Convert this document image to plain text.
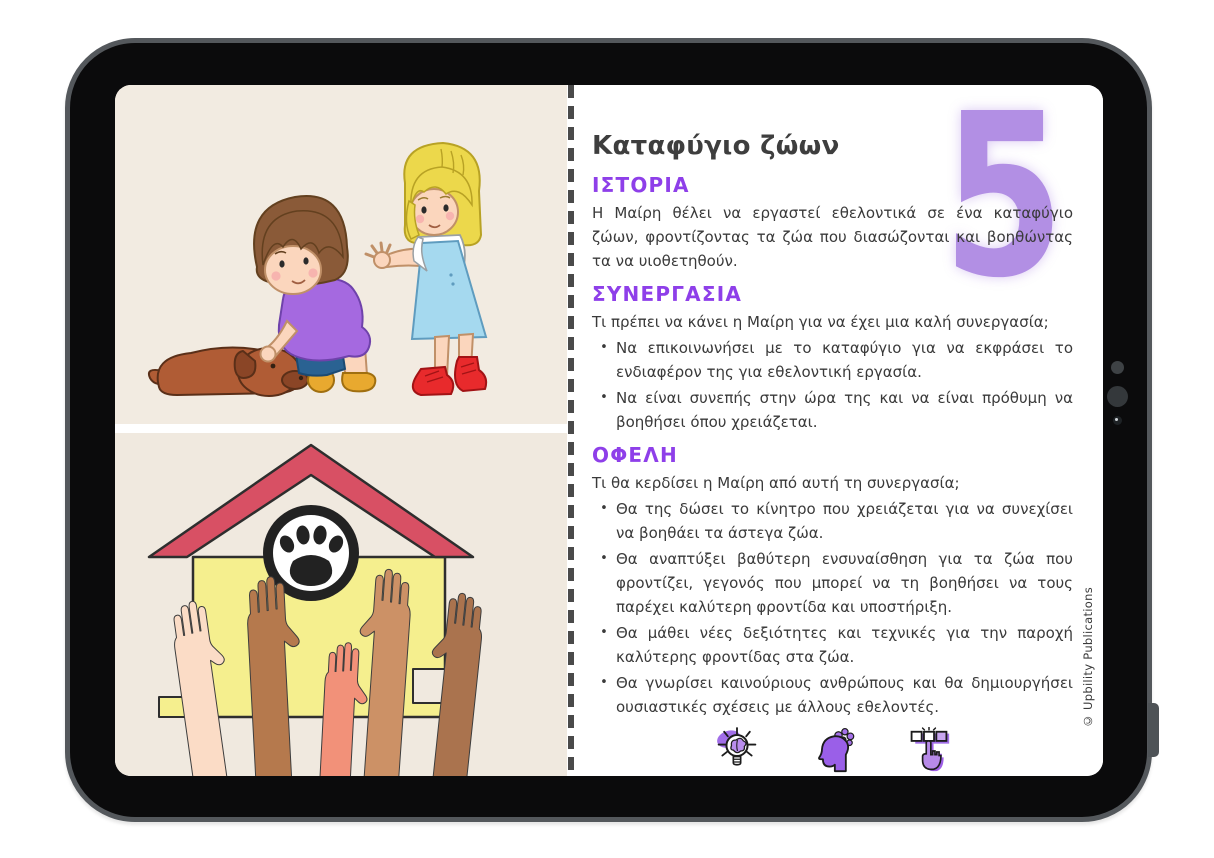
5
Καταφύγιο ζώων
ΙΣΤΟΡΙΑ

Η Μαίρη θέλει να εργαστεί εθελοντικά σε ένα καταφύγιο ζώων, φροντίζοντας τα ζώα που διασώζονται και βοηθώντας τα να υιοθετηθούν.

ΣΥΝΕΡΓΑΣΙΑ

Τι πρέπει να κάνει η Μαίρη για να έχει μια καλή συνεργασία;

• Να επικοινωνήσει με το καταφύγιο για να εκφράσει το ενδιαφέρον της για εθελοντική εργασία.
• Να είναι συνεπής στην ώρα της και να είναι πρόθυμη να βοηθήσει όπου χρειάζεται.
ΟΦΕΛΗ

Τι θα κερδίσει η Μαίρη από αυτή τη συνεργασία;

• Θα της δώσει το κίνητρο που χρειάζεται για να συνεχίσει να βοηθάει τα άστεγα ζώα.
• Θα αναπτύξει βαθύτερη ενσυναίσθηση για τα ζώα που φροντίζει, γεγονός που μπορεί να τη βοηθήσει να τους παρέχει καλύτερη φροντίδα και υποστήριξη.
• Θα μάθει νέες δεξιότητες και τεχνικές για την παροχή καλύτερης φροντίδας στα ζώα.
• Θα γνωρίσει καινούριους ανθρώπους και θα δημιουργήσει ουσιαστικές σχέσεις με άλλους εθελοντές.	© Upbility Publications
